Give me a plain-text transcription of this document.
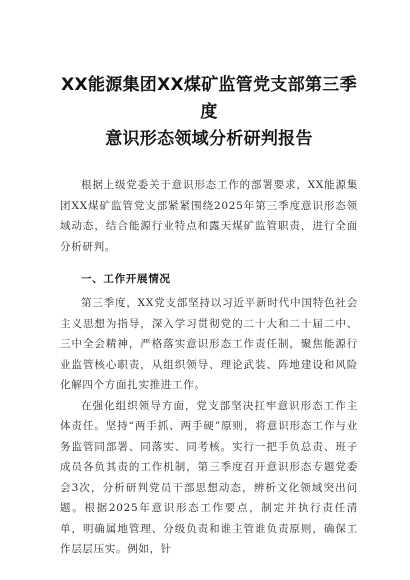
XX能源集团XX煤矿监管党支部第三季度
意识形态领域分析研判报告

根据上级党委关于意识形态工作的部署要求，XX能源集团XX煤矿监管党支部紧紧围绕2025年第三季度意识形态领域动态，结合能源行业特点和露天煤矿监管职责，进行全面分析研判。

一、工作开展情况

第三季度，XX党支部坚持以习近平新时代中国特色社会主义思想为指导，深入学习贯彻党的二十大和二十届二中、三中全会精神，严格落实意识形态工作责任制，聚焦能源行业监管核心职责，从组织领导、理论武装、阵地建设和风险化解四个方面扎实推进工作。

在强化组织领导方面，党支部坚决扛牢意识形态工作主体责任。坚持“两手抓、两手硬”原则，将意识形态工作与业务监管同部署、同落实、同考核。实行一把手负总责、班子成员各负其责的工作机制，第三季度召开意识形态专题党委会3次，分析研判党员干部思想动态，辨析文化领域突出问题。根据2025年意识形态工作要点，制定并执行责任清单，明确属地管理、分级负责和谁主管谁负责原则，确保工作层层压实。例如，针
